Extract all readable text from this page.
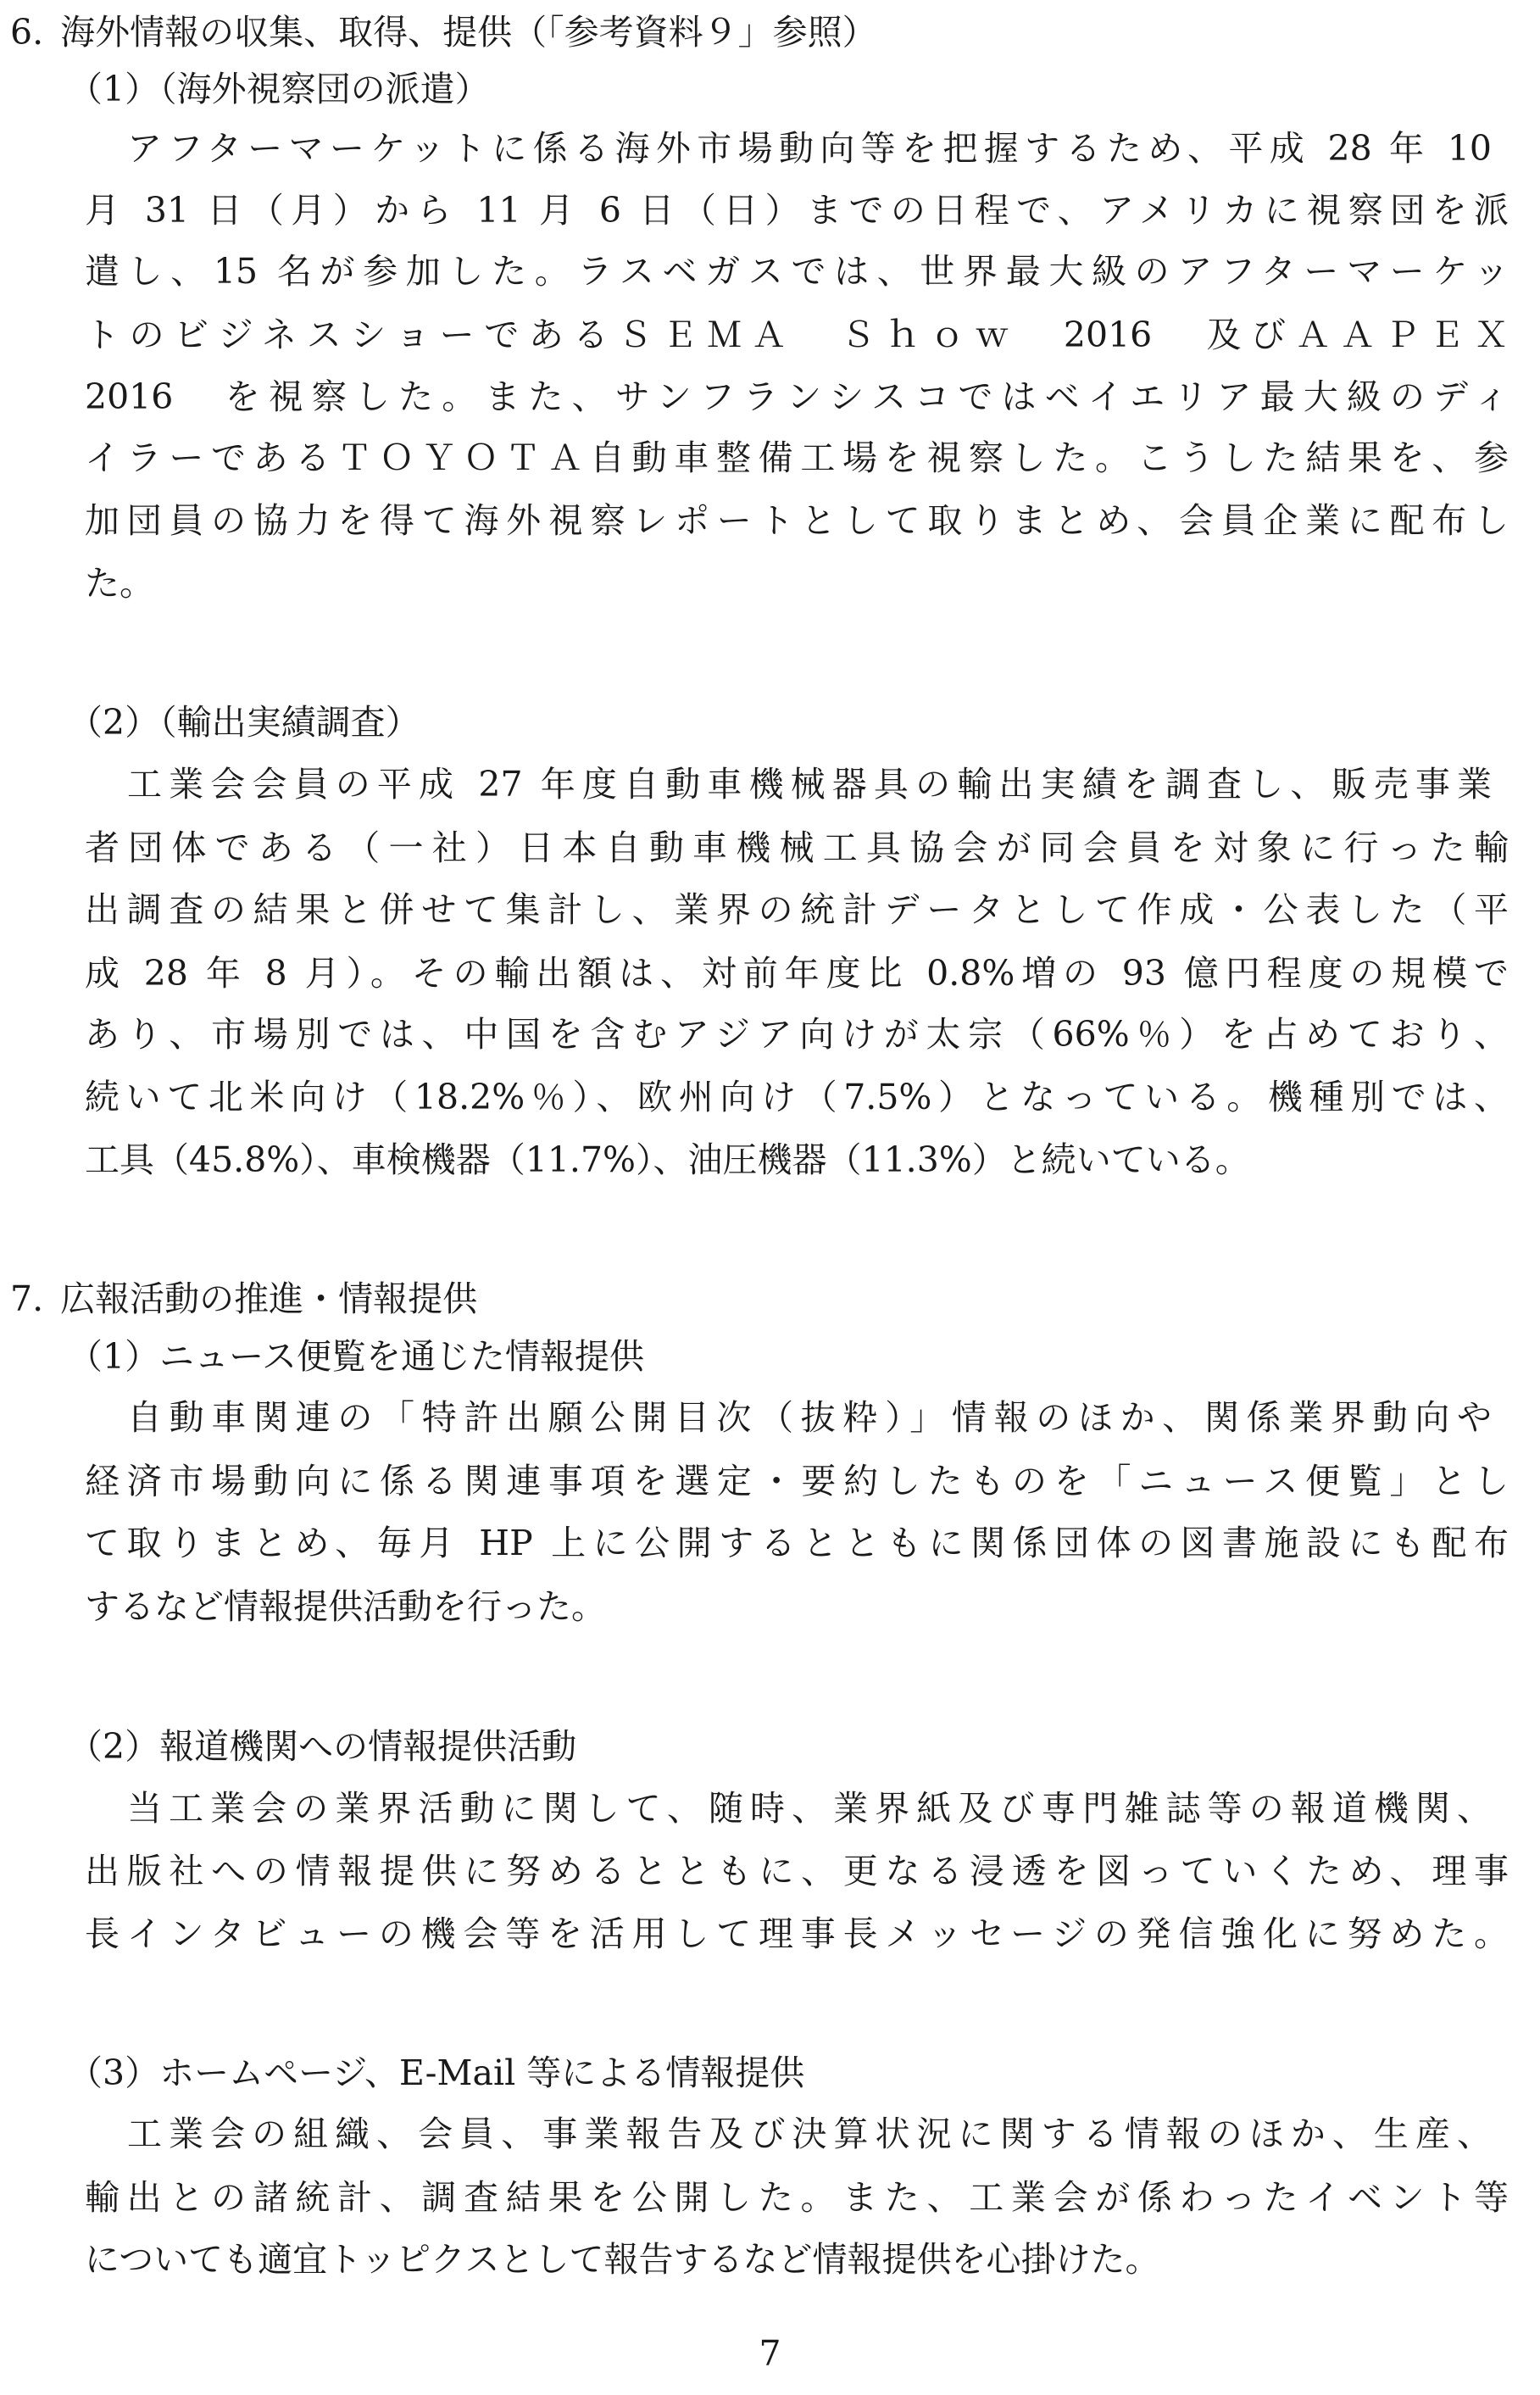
6. 海外情報の収集、取得、提供（「参考資料９」参照）
（1）（海外視察団の派遣）
アフターマーケットに係る海外市場動向等を把握するため、平成 28 年 10
月 31 日（月）から 11 月 6 日（日）までの日程で、アメリカに視察団を派
遣し、15 名が参加した。ラスベガスでは、世界最大級のアフターマーケッ
トのビジネスショーであるＳＥＭＡ　Ｓｈｏｗ　2016　及びＡＡＰＥＸ
2016　を視察した。また、サンフランシスコではベイエリア最大級のディ
イラーであるＴＯＹＯＴＡ自動車整備工場を視察した。こうした結果を、参
加団員の協力を得て海外視察レポートとして取りまとめ、会員企業に配布し
た。
（2）（輸出実績調査）
工業会会員の平成 27 年度自動車機械器具の輸出実績を調査し、販売事業
者団体である（一社）日本自動車機械工具協会が同会員を対象に行った輸
出調査の結果と併せて集計し、業界の統計データとして作成・公表した（平
成 28 年 8 月）。その輸出額は、対前年度比 0.8%増の 93 億円程度の規模で
あり、市場別では、中国を含むアジア向けが太宗（66%％）を占めており、
続いて北米向け（18.2%％）、欧州向け（7.5%）となっている。機種別では、
工具（45.8%）、車検機器（11.7%）、油圧機器（11.3%）と続いている。
7. 広報活動の推進・情報提供
（1）ニュース便覧を通じた情報提供
自動車関連の「特許出願公開目次（抜粋）」情報のほか、関係業界動向や
経済市場動向に係る関連事項を選定・要約したものを「ニュース便覧」とし
て取りまとめ、毎月 HP 上に公開するとともに関係団体の図書施設にも配布
するなど情報提供活動を行った。
（2）報道機関への情報提供活動
当工業会の業界活動に関して、随時、業界紙及び専門雑誌等の報道機関、
出版社への情報提供に努めるとともに、更なる浸透を図っていくため、理事
長インタビューの機会等を活用して理事長メッセージの発信強化に努めた。
（3）ホームページ、E-Mail 等による情報提供
工業会の組織、会員、事業報告及び決算状況に関する情報のほか、生産、
輸出との諸統計、調査結果を公開した。また、工業会が係わったイベント等
についても適宜トッピクスとして報告するなど情報提供を心掛けた。
7
